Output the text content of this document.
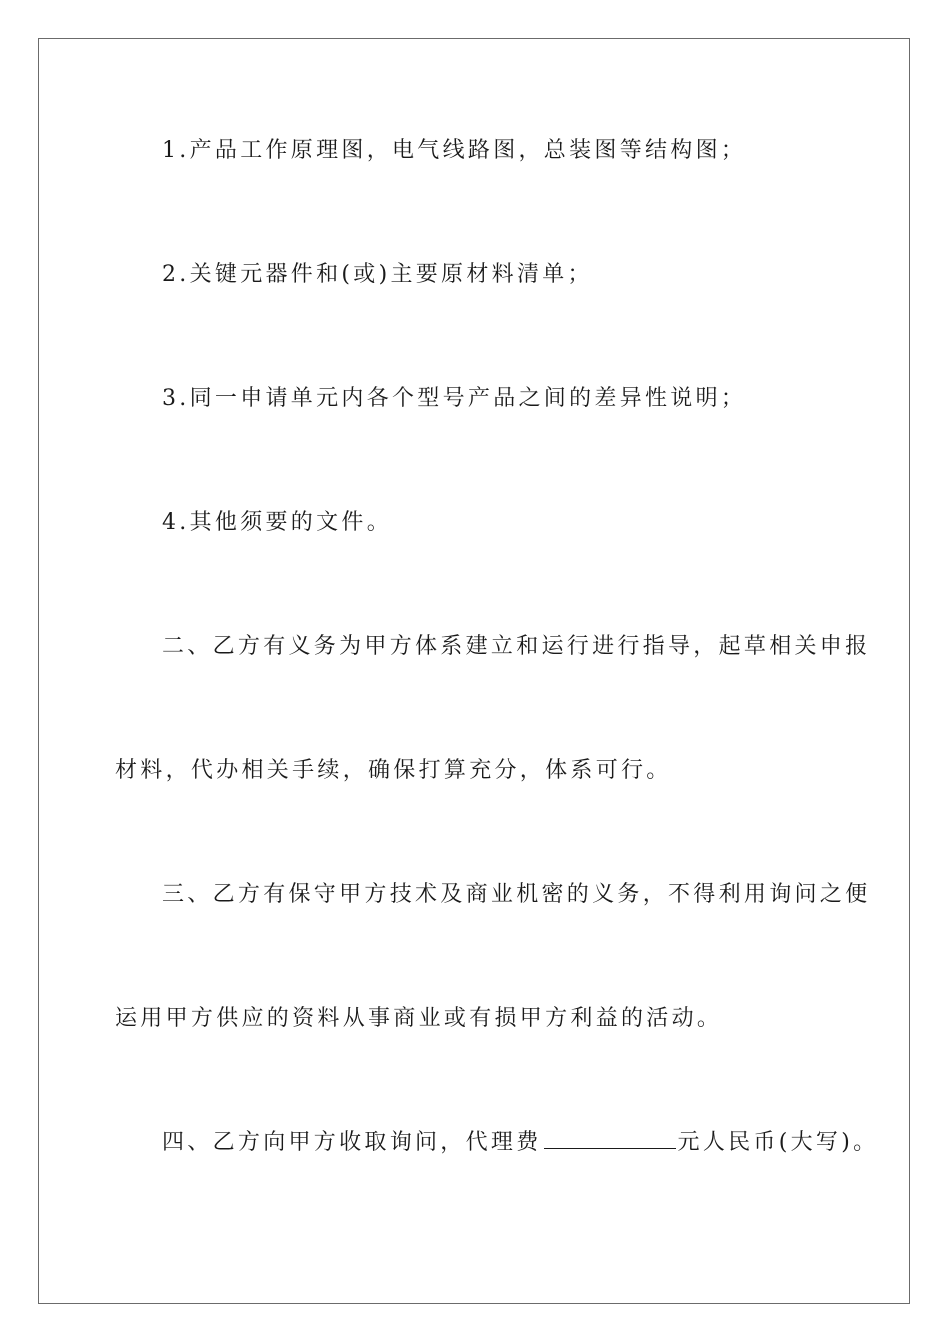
1.产品工作原理图，电气线路图，总装图等结构图；
2.关键元器件和(或)主要原材料清单；
3.同一申请单元内各个型号产品之间的差异性说明；
4.其他须要的文件。
二、乙方有义务为甲方体系建立和运行进行指导，起草相关申报
材料，代办相关手续，确保打算充分，体系可行。
三、乙方有保守甲方技术及商业机密的义务，不得利用询问之便
运用甲方供应的资料从事商业或有损甲方利益的活动。
四、乙方向甲方收取询问，代理费	元人民币(大写)。
